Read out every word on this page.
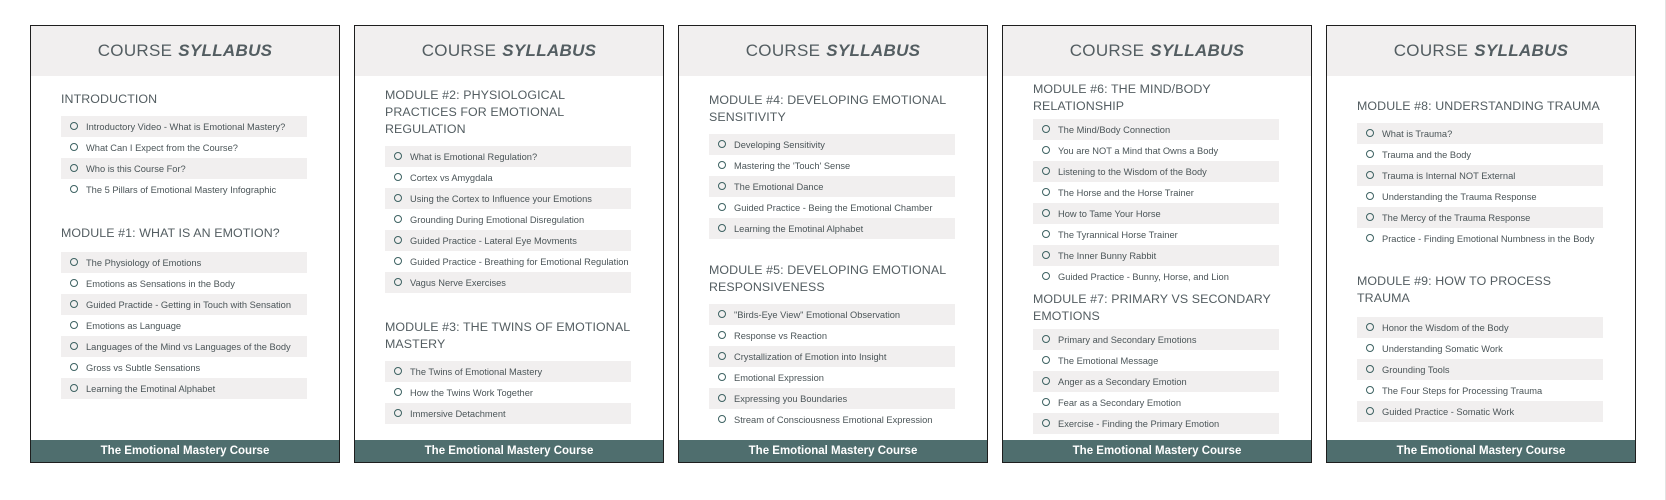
COURSE SYLLABUS
INTRODUCTION
Introductory Video - What is Emotional Mastery?
What Can I Expect from the Course?
Who is this Course For?
The 5 Pillars of Emotional Mastery Infographic
MODULE #1: WHAT IS AN EMOTION?
The Physiology of Emotions
Emotions as Sensations in the Body
Guided Practide - Getting in Touch with Sensation
Emotions as Language
Languages of the Mind vs Languages of the Body
Gross vs Subtle Sensations
Learning the Emotinal Alphabet
The Emotional Mastery Course
COURSE SYLLABUS
MODULE #2: PHYSIOLOGICAL PRACTICES FOR EMOTIONAL REGULATION
What is Emotional Regulation?
Cortex vs Amygdala
Using the Cortex to Influence your Emotions
Grounding During Emotional Disregulation
Guided Practice - Lateral Eye Movments
Guided Practice - Breathing for Emotional Regulation
Vagus Nerve Exercises
MODULE #3: THE TWINS OF EMOTIONAL MASTERY
The Twins of Emotional Mastery
How the Twins Work Together
Immersive Detachment
The Emotional Mastery Course
COURSE SYLLABUS
MODULE #4: DEVELOPING EMOTIONAL SENSITIVITY
Developing Sensitivity
Mastering the 'Touch' Sense
The Emotional Dance
Guided Practice - Being the Emotional Chamber
Learning the Emotinal Alphabet
MODULE #5: DEVELOPING EMOTIONAL RESPONSIVENESS
"Birds-Eye View" Emotional Observation
Response vs Reaction
Crystallization of Emotion into Insight
Emotional Expression
Expressing you Boundaries
Stream of Consciousness Emotional Expression
The Emotional Mastery Course
COURSE SYLLABUS
MODULE #6: THE MIND/BODY RELATIONSHIP
The Mind/Body Connection
You are NOT a Mind that Owns a Body
Listening to the Wisdom of the Body
The Horse and the Horse Trainer
How to Tame Your Horse
The Tyrannical Horse Trainer
The Inner Bunny Rabbit
Guided Practice - Bunny, Horse, and Lion
MODULE #7: PRIMARY VS SECONDARY EMOTIONS
Primary and Secondary Emotions
The Emotional Message
Anger as a Secondary Emotion
Fear as a Secondary Emotion
Exercise - Finding the Primary Emotion
The Emotional Mastery Course
COURSE SYLLABUS
MODULE #8: UNDERSTANDING TRAUMA
What is Trauma?
Trauma and the Body
Trauma is Internal NOT External
Understanding the Trauma Response
The Mercy of the Trauma Response
Practice - Finding Emotional Numbness in the Body
MODULE #9: HOW TO PROCESS TRAUMA
Honor the Wisdom of the Body
Understanding Somatic Work
Grounding Tools
The Four Steps for Processing Trauma
Guided Practice - Somatic Work
The Emotional Mastery Course
